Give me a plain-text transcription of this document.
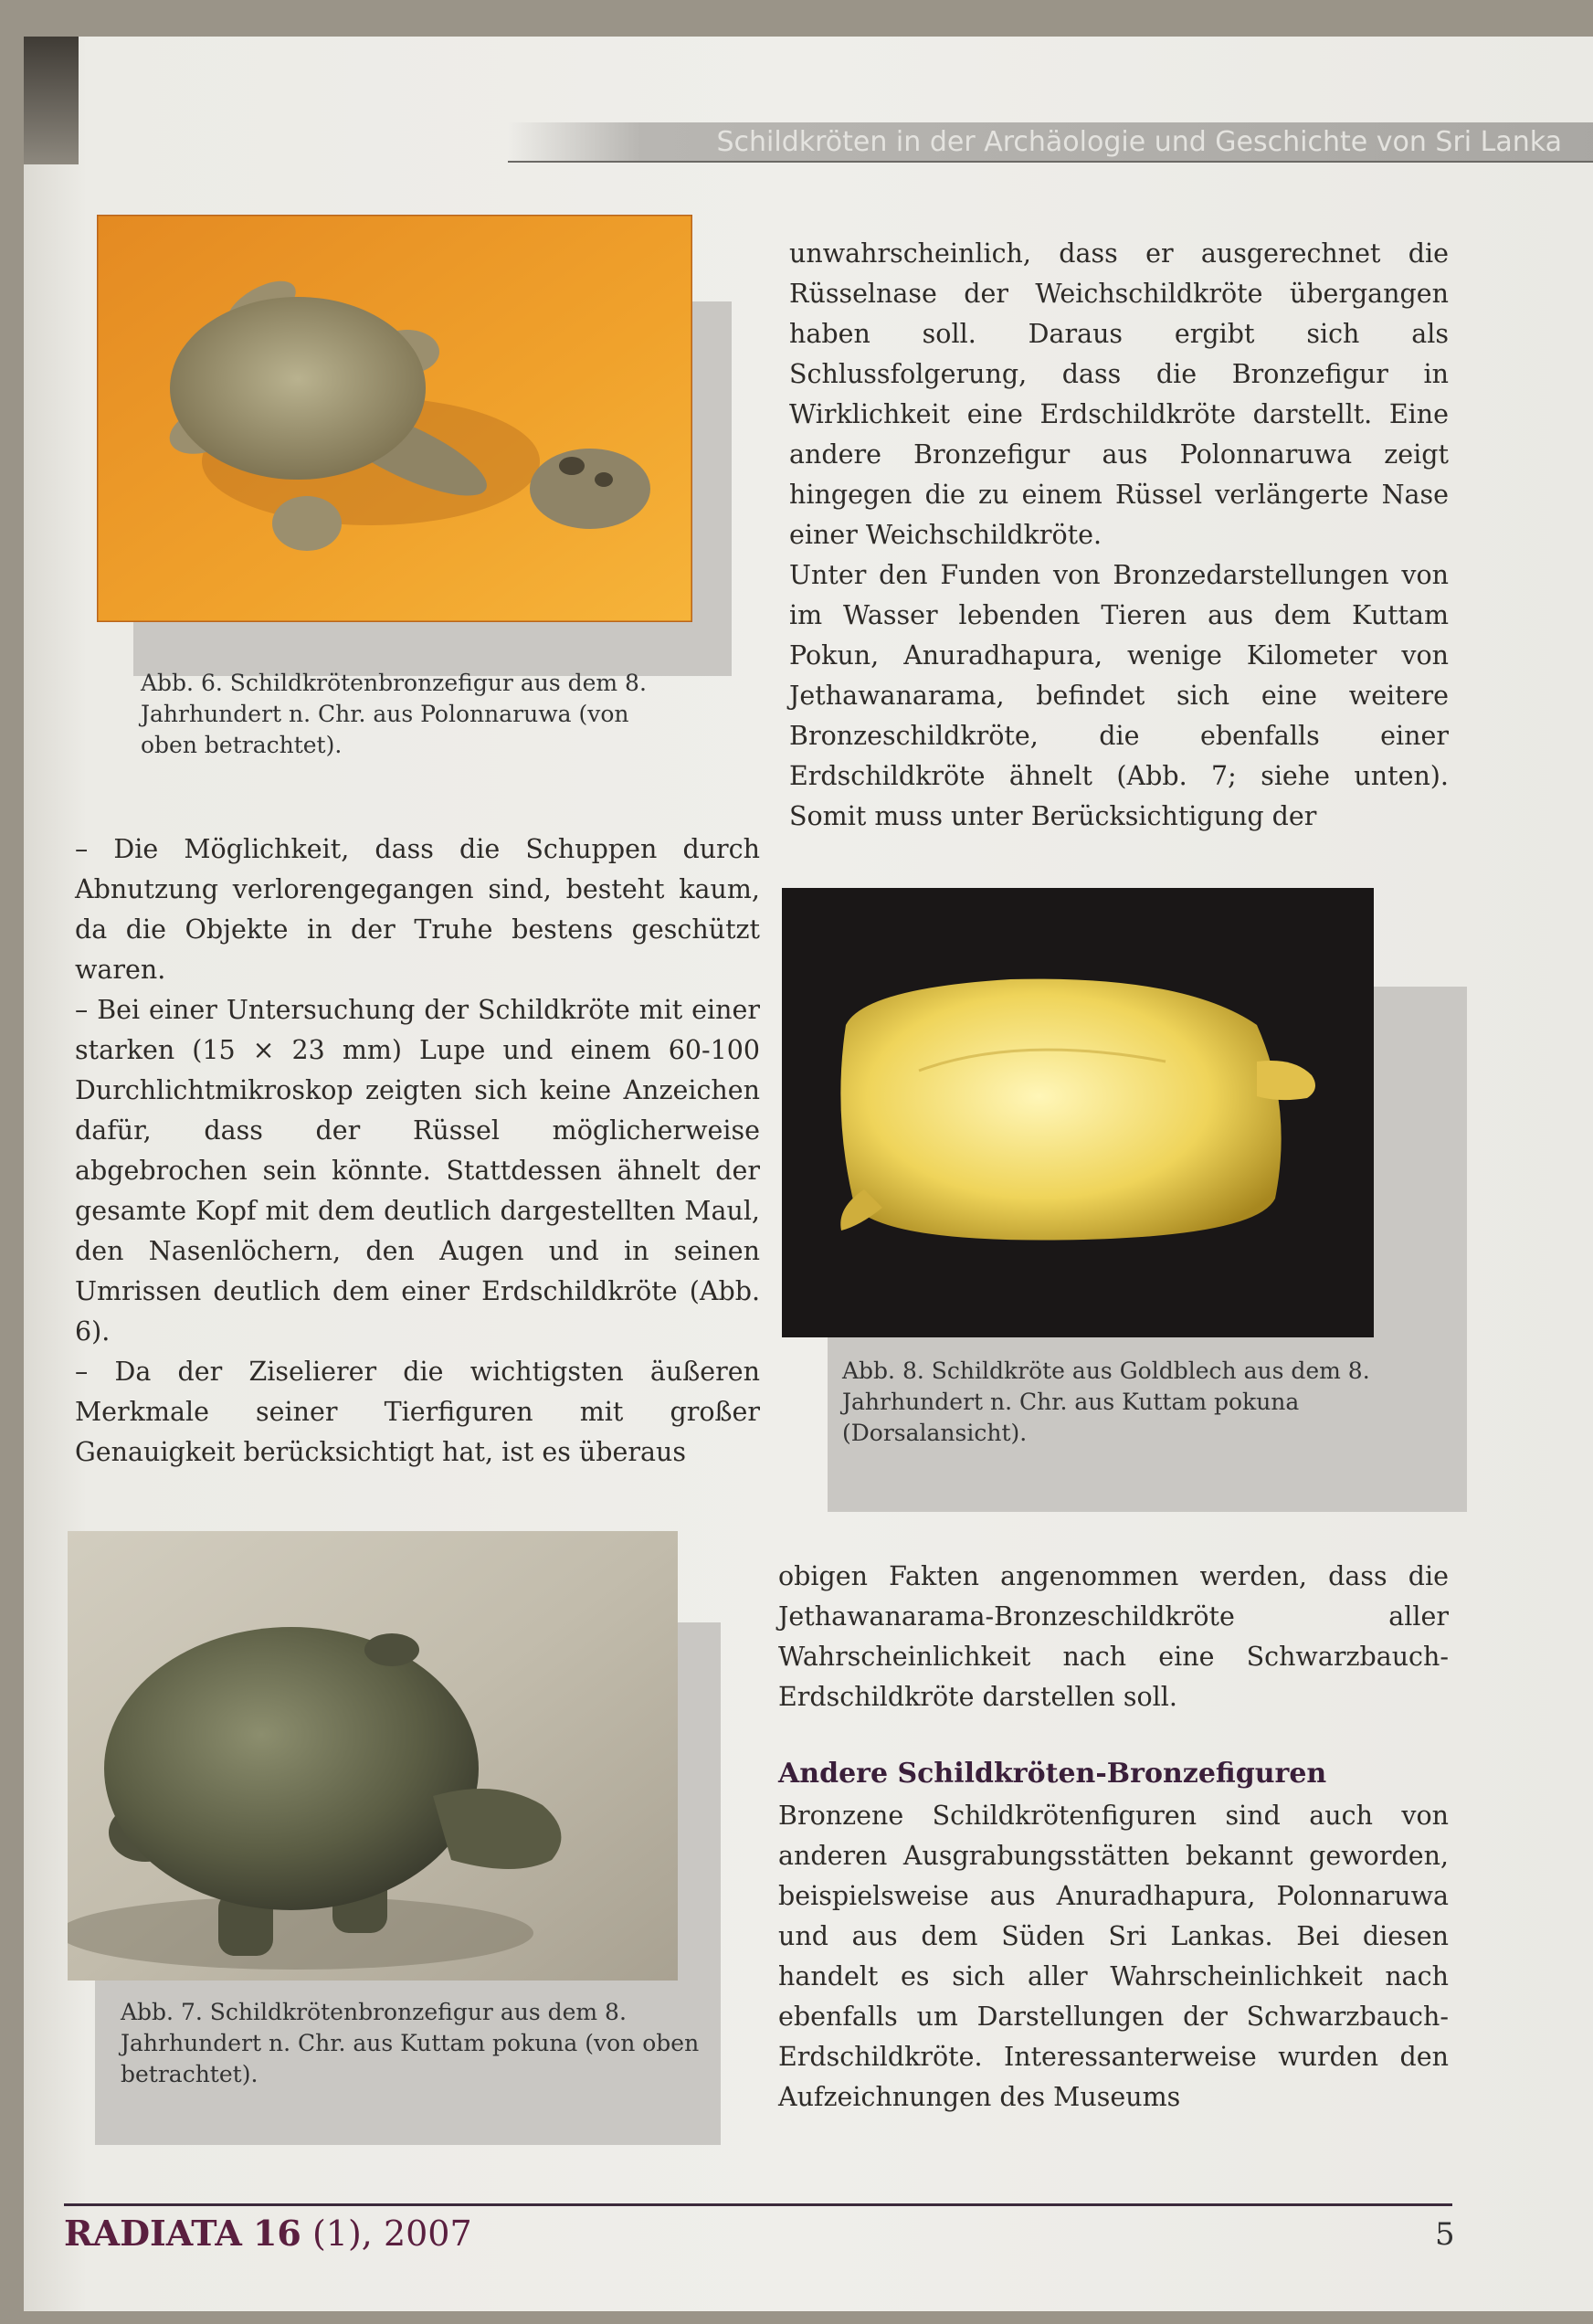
Schildkröten in der Archäologie und Geschichte von Sri Lanka
Abb. 6. Schildkrötenbronzefigur aus dem 8. Jahrhundert n. Chr. aus Polonnaruwa (von oben betrachtet).

unwahrscheinlich, dass er ausgerechnet die Rüsselnase der Weichschildkröte übergangen haben soll. Daraus ergibt sich als Schlussfolgerung, dass die Bronzefigur in Wirklichkeit eine Erdschildkröte darstellt. Eine andere Bronzefigur aus Polonnaruwa zeigt hingegen die zu einem Rüssel verlängerte Nase einer Weichschildkröte.

Unter den Funden von Bronzedarstellungen von im Wasser lebenden Tieren aus dem Kuttam Pokun, Anuradhapura, wenige Kilometer von Jethawanarama, befindet sich eine weitere Bronzeschildkröte, die ebenfalls einer Erdschildkröte ähnelt (Abb. 7; siehe unten). Somit muss unter Berücksichtigung der

– Die Möglichkeit, dass die Schuppen durch Abnutzung verlorengegangen sind, besteht kaum, da die Objekte in der Truhe bestens geschützt waren.

– Bei einer Untersuchung der Schildkröte mit einer starken (15 × 23 mm) Lupe und einem 60-100 Durchlichtmikroskop zeigten sich keine Anzeichen dafür, dass der Rüssel möglicherweise abgebrochen sein könnte. Stattdessen ähnelt der gesamte Kopf mit dem deutlich dargestellten Maul, den Nasenlöchern, den Augen und in seinen Umrissen deutlich dem einer Erdschildkröte (Abb. 6).

– Da der Ziselierer die wichtigsten äußeren Merkmale seiner Tierfiguren mit großer Genauigkeit berücksichtigt hat, ist es überaus

Abb. 8. Schildkröte aus Goldblech aus dem 8. Jahrhundert n. Chr. aus Kuttam pokuna (Dorsalansicht).
Abb. 7. Schildkrötenbronzefigur aus dem 8. Jahrhundert n. Chr. aus Kuttam pokuna (von oben betrachtet).

obigen Fakten angenommen werden, dass die Jethawanarama-Bronzeschildkröte aller Wahrscheinlichkeit nach eine Schwarzbauch-Erdschildkröte darstellen soll.

Andere Schildkröten-Bronzefiguren

Bronzene Schildkrötenfiguren sind auch von anderen Ausgrabungsstätten bekannt geworden, beispielsweise aus Anuradhapura, Polonnaruwa und aus dem Süden Sri Lankas. Bei diesen handelt es sich aller Wahrscheinlichkeit nach ebenfalls um Darstellungen der Schwarzbauch-Erdschildkröte. Interessanterweise wurden den Aufzeichnungen des Museums

RADIATA 16 (1), 2007	5
